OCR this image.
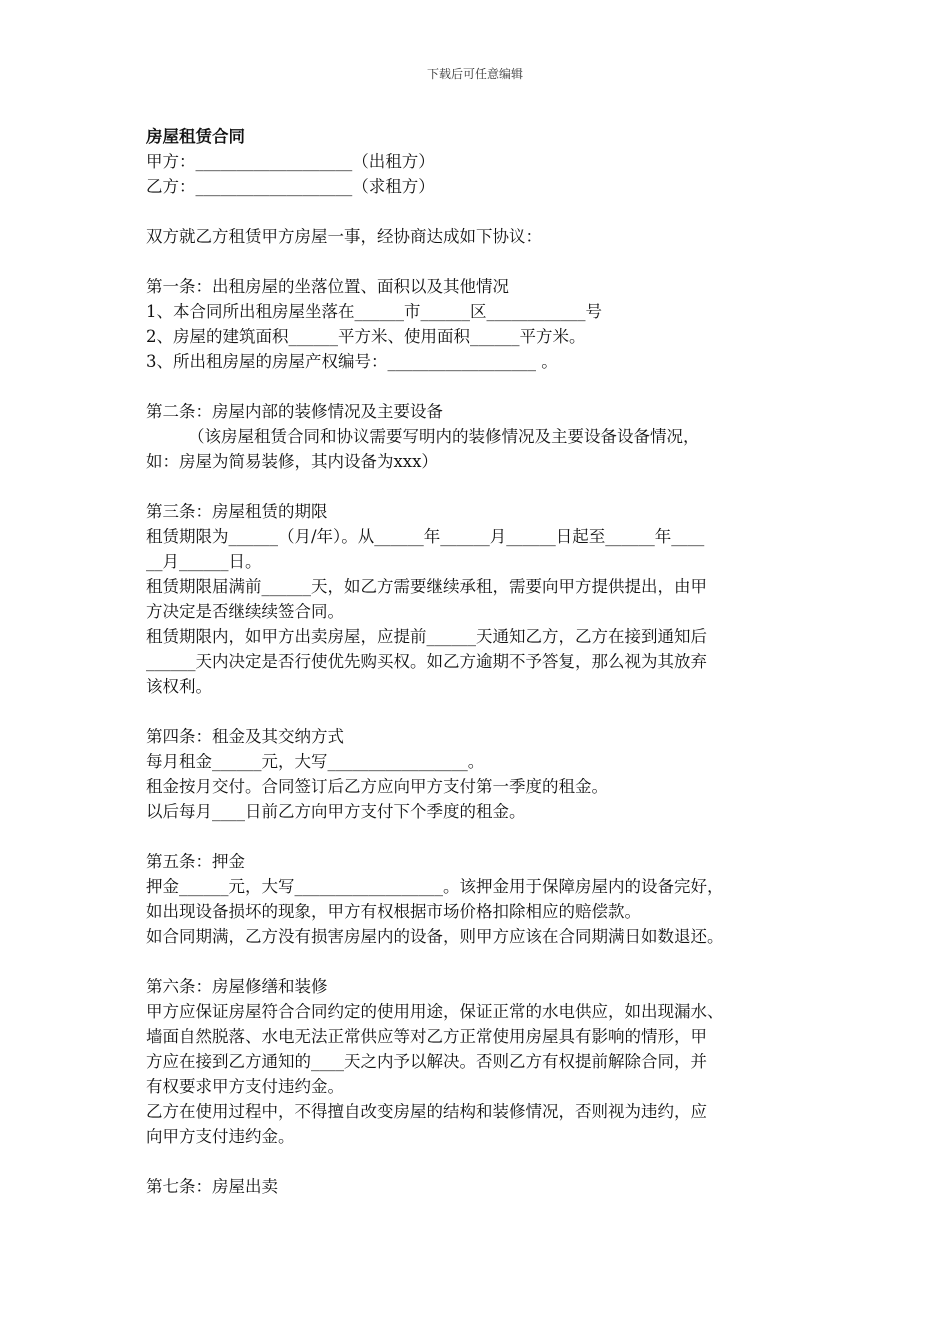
下载后可任意编辑
房屋租赁合同
甲方：___________________（出租方）
乙方：___________________（求租方）
双方就乙方租赁甲方房屋一事，经协商达成如下协议：
第一条：出租房屋的坐落位置、面积以及其他情况
1、本合同所出租房屋坐落在______市______区____________号
2、房屋的建筑面积______平方米、使用面积______平方米。
3、所出租房屋的房屋产权编号：__________________ 。
第二条：房屋内部的装修情况及主要设备
（该房屋租赁合同和协议需要写明内的装修情况及主要设备设备情况，
如：房屋为简易装修，其内设备为xxx）
第三条：房屋租赁的期限
租赁期限为______（月/年）。从______年______月______日起至______年____
__月______日。
租赁期限届满前______天，如乙方需要继续承租，需要向甲方提供提出，由甲
方决定是否继续续签合同。
租赁期限内，如甲方出卖房屋，应提前______天通知乙方，乙方在接到通知后
______天内决定是否行使优先购买权。如乙方逾期不予答复，那么视为其放弃
该权利。
第四条：租金及其交纳方式
每月租金______元，大写_________________。
租金按月交付。合同签订后乙方应向甲方支付第一季度的租金。
以后每月____日前乙方向甲方支付下个季度的租金。
第五条：押金
押金______元，大写__________________。该押金用于保障房屋内的设备完好，
如出现设备损坏的现象，甲方有权根据市场价格扣除相应的赔偿款。
如合同期满，乙方没有损害房屋内的设备，则甲方应该在合同期满日如数退还。
第六条：房屋修缮和装修
甲方应保证房屋符合合同约定的使用用途，保证正常的水电供应，如出现漏水、
墙面自然脱落、水电无法正常供应等对乙方正常使用房屋具有影响的情形，甲
方应在接到乙方通知的____天之内予以解决。否则乙方有权提前解除合同，并
有权要求甲方支付违约金。
乙方在使用过程中，不得擅自改变房屋的结构和装修情况，否则视为违约，应
向甲方支付违约金。
第七条：房屋出卖
